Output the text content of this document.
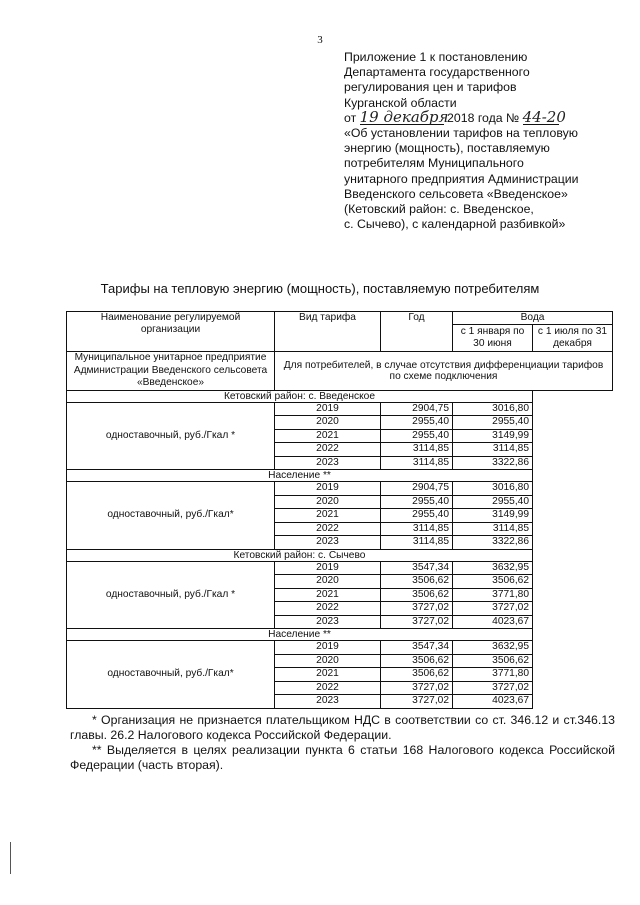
3
Приложение 1 к постановлению
Департамента государственного
регулирования цен и тарифов
Курганской области
от 19 декабря 2018 года № 44-20
«Об установлении тарифов на тепловую
энергию (мощность), поставляемую
потребителям Муниципального
унитарного предприятия Администрации
Введенского сельсовета «Введенское»
(Кетовский район: с. Введенское,
с. Сычево), с календарной разбивкой»
Тарифы на тепловую энергию (мощность), поставляемую потребителям
Наименование регулируемой организации	Вид тарифа	Год	Вода	
			с 1 января по 30 июня	с 1 июля по 31 декабря
Муниципальное унитарное предприятие Администрации Введенского сельсовета «Введенское»	Для потребителей, в случае отсутствия дифференциации тарифов по схеме подключения			
Кетовский район: с. Введенское				
одноставочный, руб./Гкал *	2019	2904,75	3016,80	
	2020	2955,40	2955,40	
	2021	2955,40	3149,99	
	2022	3114,85	3114,85	
	2023	3114,85	3322,86	
Население **				
одноставочный, руб./Гкал*	2019	2904,75	3016,80	
	2020	2955,40	2955,40	
	2021	2955,40	3149,99	
	2022	3114,85	3114,85	
	2023	3114,85	3322,86	
Кетовский район: с. Сычево				
одноставочный, руб./Гкал *	2019	3547,34	3632,95	
	2020	3506,62	3506,62	
	2021	3506,62	3771,80	
	2022	3727,02	3727,02	
	2023	3727,02	4023,67	
Население **				
одноставочный, руб./Гкал*	2019	3547,34	3632,95	
	2020	3506,62	3506,62	
	2021	3506,62	3771,80	
	2022	3727,02	3727,02	
	2023	3727,02	4023,67	

* Организация не признается плательщиком НДС в соответствии со ст. 346.12 и ст.346.13 главы. 26.2 Налогового кодекса Российской Федерации.

** Выделяется в целях реализации пункта 6 статьи 168 Налогового кодекса Российской Федерации (часть вторая).
